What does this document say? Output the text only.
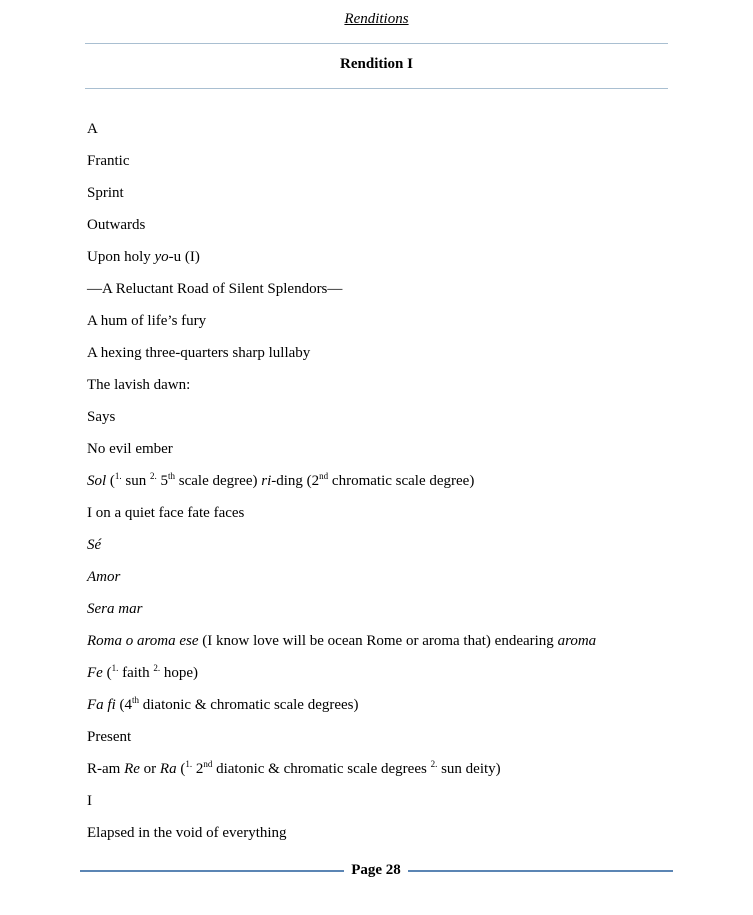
Renditions
Rendition I
A
Frantic
Sprint
Outwards
Upon holy yo-u (I)
—A Reluctant Road of Silent Splendors—
A hum of life’s fury
A hexing three-quarters sharp lullaby
The lavish dawn:
Says
No evil ember
Sol ($^{1.}$ sun $^{2.}$ 5th scale degree) ri-ding (2nd chromatic scale degree)
I on a quiet face fate faces
Sé
Amor
Sera mar
Roma o aroma ese (I know love will be ocean Rome or aroma that) endearing aroma
Fe ($^{1.}$ faith $^{2.}$ hope)
Fa fi (4th diatonic & chromatic scale degrees)
Present
R-am Re or Ra ($^{1.}$ 2nd diatonic & chromatic scale degrees $^{2.}$ sun deity)
I
Elapsed in the void of everything
Page 28
